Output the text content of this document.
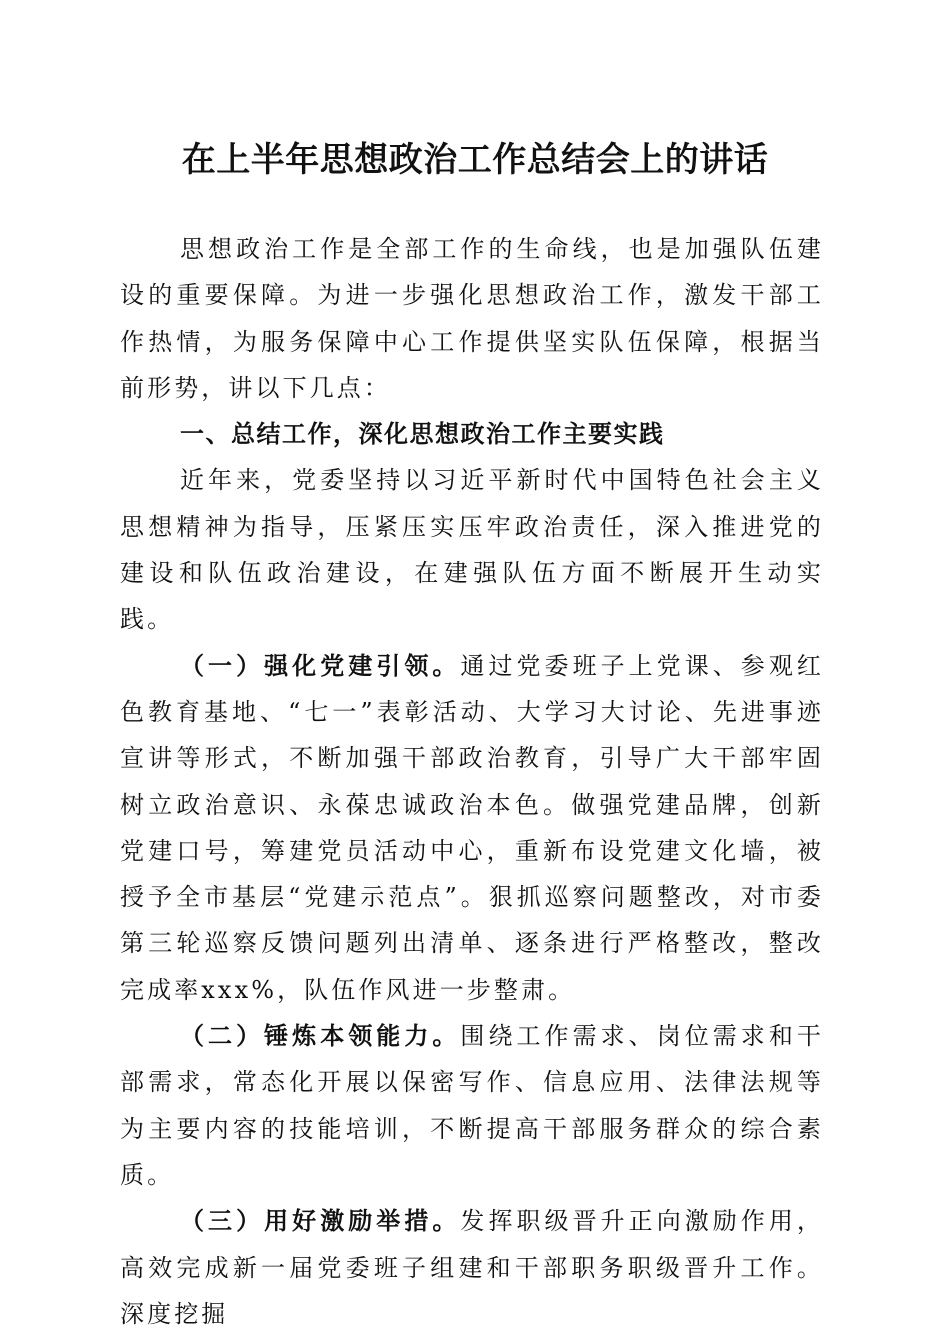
在上半年思想政治工作总结会上的讲话

思想政治工作是全部工作的生命线，也是加强队伍建设的重要保障。为进一步强化思想政治工作，激发干部工作热情，为服务保障中心工作提供坚实队伍保障，根据当前形势，讲以下几点：

一、总结工作，深化思想政治工作主要实践

近年来，党委坚持以习近平新时代中国特色社会主义思想精神为指导，压紧压实压牢政治责任，深入推进党的建设和队伍政治建设，在建强队伍方面不断展开生动实践。

（一）强化党建引领。通过党委班子上党课、参观红色教育基地、“七一”表彰活动、大学习大讨论、先进事迹宣讲等形式，不断加强干部政治教育，引导广大干部牢固树立政治意识、永葆忠诚政治本色。做强党建品牌，创新党建口号，筹建党员活动中心，重新布设党建文化墙，被授予全市基层“党建示范点”。狠抓巡察问题整改，对市委第三轮巡察反馈问题列出清单、逐条进行严格整改，整改完成率xxx%，队伍作风进一步整肃。

（二）锤炼本领能力。围绕工作需求、岗位需求和干部需求，常态化开展以保密写作、信息应用、法律法规等为主要内容的技能培训，不断提高干部服务群众的综合素质。

（三）用好激励举措。发挥职级晋升正向激励作用，高效完成新一届党委班子组建和干部职务职级晋升工作。深度挖掘
